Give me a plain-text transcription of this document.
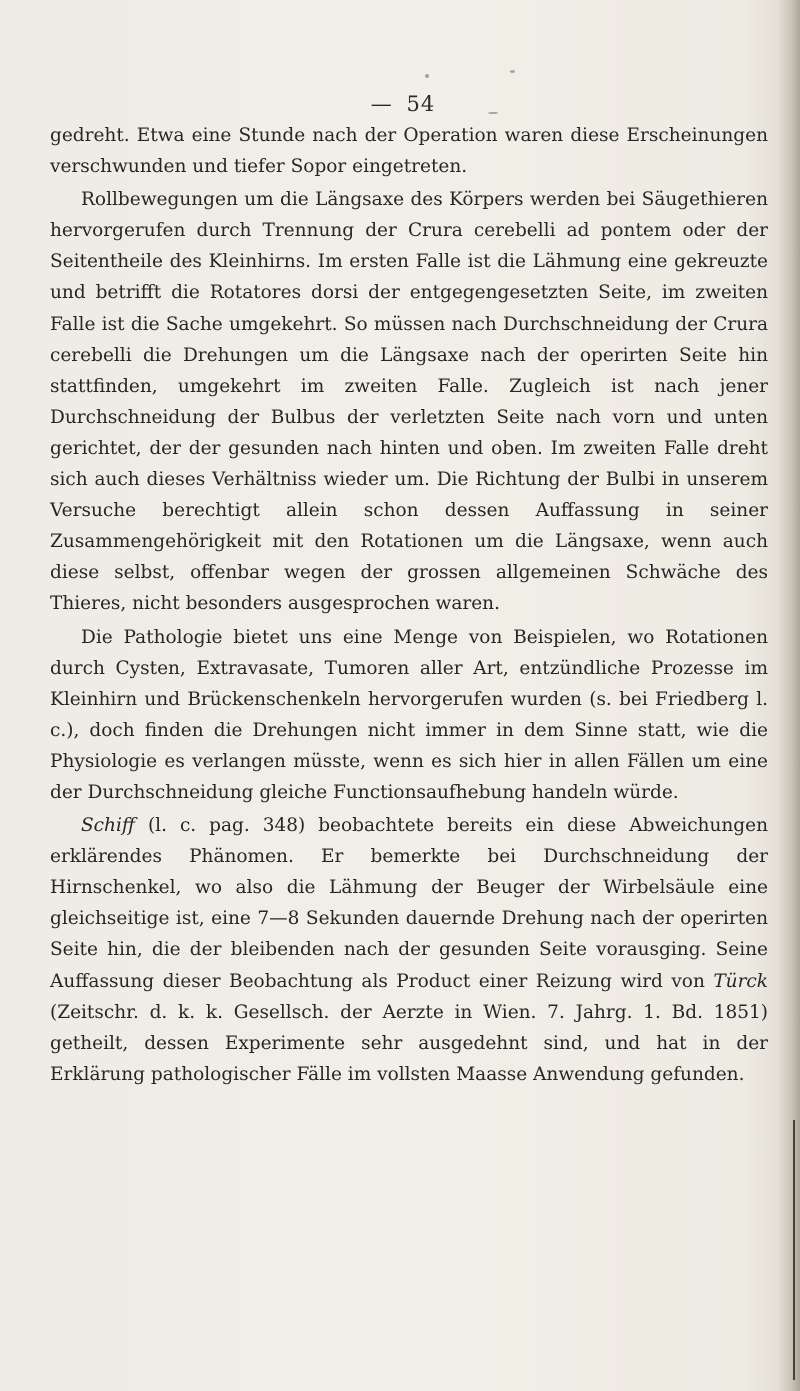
— 54

gedreht. Etwa eine Stunde nach der Operation waren diese Erscheinungen verschwunden und tiefer Sopor eingetreten.

Rollbewegungen um die Längsaxe des Körpers werden bei Säugethieren hervorgerufen durch Trennung der Crura cerebelli ad pontem oder der Seitentheile des Kleinhirns. Im ersten Falle ist die Lähmung eine gekreuzte und betrifft die Rotatores dorsi der entgegengesetzten Seite, im zweiten Falle ist die Sache umgekehrt. So müssen nach Durchschneidung der Crura cerebelli die Drehungen um die Längsaxe nach der operirten Seite hin stattfinden, umgekehrt im zweiten Falle. Zugleich ist nach jener Durchschneidung der Bulbus der verletzten Seite nach vorn und unten gerichtet, der der gesunden nach hinten und oben. Im zweiten Falle dreht sich auch dieses Verhältniss wieder um. Die Richtung der Bulbi in unserem Versuche berechtigt allein schon dessen Auffassung in seiner Zusammengehörigkeit mit den Rotationen um die Längsaxe, wenn auch diese selbst, offenbar wegen der grossen allgemeinen Schwäche des Thieres, nicht besonders ausgesprochen waren.

Die Pathologie bietet uns eine Menge von Beispielen, wo Rotationen durch Cysten, Extravasate, Tumoren aller Art, entzündliche Prozesse im Kleinhirn und Brückenschenkeln hervorgerufen wurden (s. bei Friedberg l. c.), doch finden die Drehungen nicht immer in dem Sinne statt, wie die Physiologie es verlangen müsste, wenn es sich hier in allen Fällen um eine der Durchschneidung gleiche Functionsaufhebung handeln würde.

Schiff (l. c. pag. 348) beobachtete bereits ein diese Abweichungen erklärendes Phänomen. Er bemerkte bei Durchschneidung der Hirnschenkel, wo also die Lähmung der Beuger der Wirbelsäule eine gleichseitige ist, eine 7—8 Sekunden dauernde Drehung nach der operirten Seite hin, die der bleibenden nach der gesunden Seite vorausging. Seine Auffassung dieser Beobachtung als Product einer Reizung wird von Türck (Zeitschr. d. k. k. Gesellsch. der Aerzte in Wien. 7. Jahrg. 1. Bd. 1851) getheilt, dessen Experimente sehr ausgedehnt sind, und hat in der Erklärung pathologischer Fälle im vollsten Maasse Anwendung gefunden.
